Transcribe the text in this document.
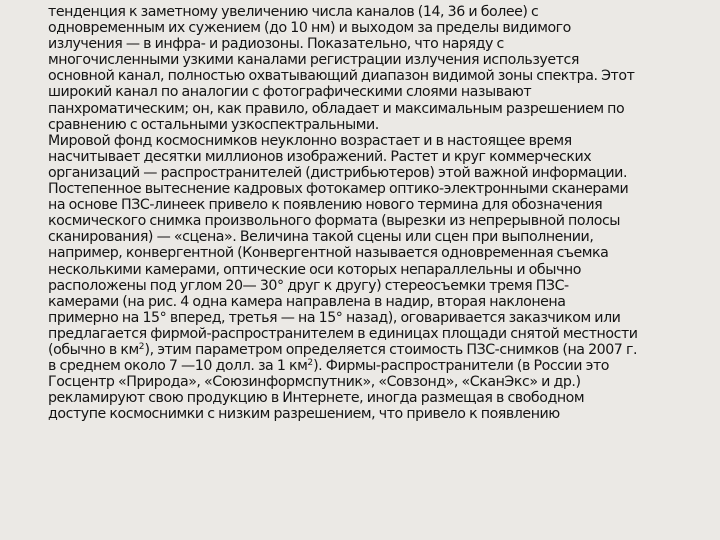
тенденция к заметному увеличению числа каналов (14, 36 и более) с
одновременным их сужением (до 10 нм) и выходом за пределы видимого
излучения — в инфра- и радиозоны. Показательно, что наряду с
многочисленными узкими каналами регистрации излучения используется
основной канал, полностью охватывающий диапазон видимой зоны спектра. Этот
широкий канал по аналогии с фотографическими слоями называют
панхроматическим; он, как правило, обладает и максимальным разрешением по
сравнению с остальными узкоспектральными.

Мировой фонд космоснимков неуклонно возрастает и в настоящее время
насчитывает десятки миллионов изображений. Растет и круг коммерческих
организаций — распространителей (дистрибьютеров) этой важной информации.

Постепенное вытеснение кадровых фотокамер оптико-электронными сканерами
на основе ПЗС-линеек привело к появлению нового термина для обозначения
космического снимка произвольного формата (вырезки из непрерывной полосы
сканирования) — «сцена». Величина такой сцены или сцен при выполнении,
например, конвергентной (Конвергентной называется одновременная съемка
несколькими камерами, оптические оси которых непараллельны и обычно
расположены под углом 20— 30° друг к другу) стереосъемки тремя ПЗС-
камерами (на рис. 4 одна камера направлена в надир, вторая наклонена
примерно на 15° вперед, третья — на 15° назад), оговаривается заказчиком или
предлагается фирмой-распространителем в единицах площади снятой местности
(обычно в $км^2$), этим параметром определяется стоимость ПЗС-снимков (на 2007 г.
в среднем около 7 —10 долл. за 1 $км^2$). Фирмы-распространители (в России это
Госцентр «Природа», «Союзинформспутник», «Совзонд», «СканЭкс» и др.)
рекламируют свою продукцию в Интернете, иногда размещая в свободном
доступе космоснимки с низким разрешением, что привело к появлению
